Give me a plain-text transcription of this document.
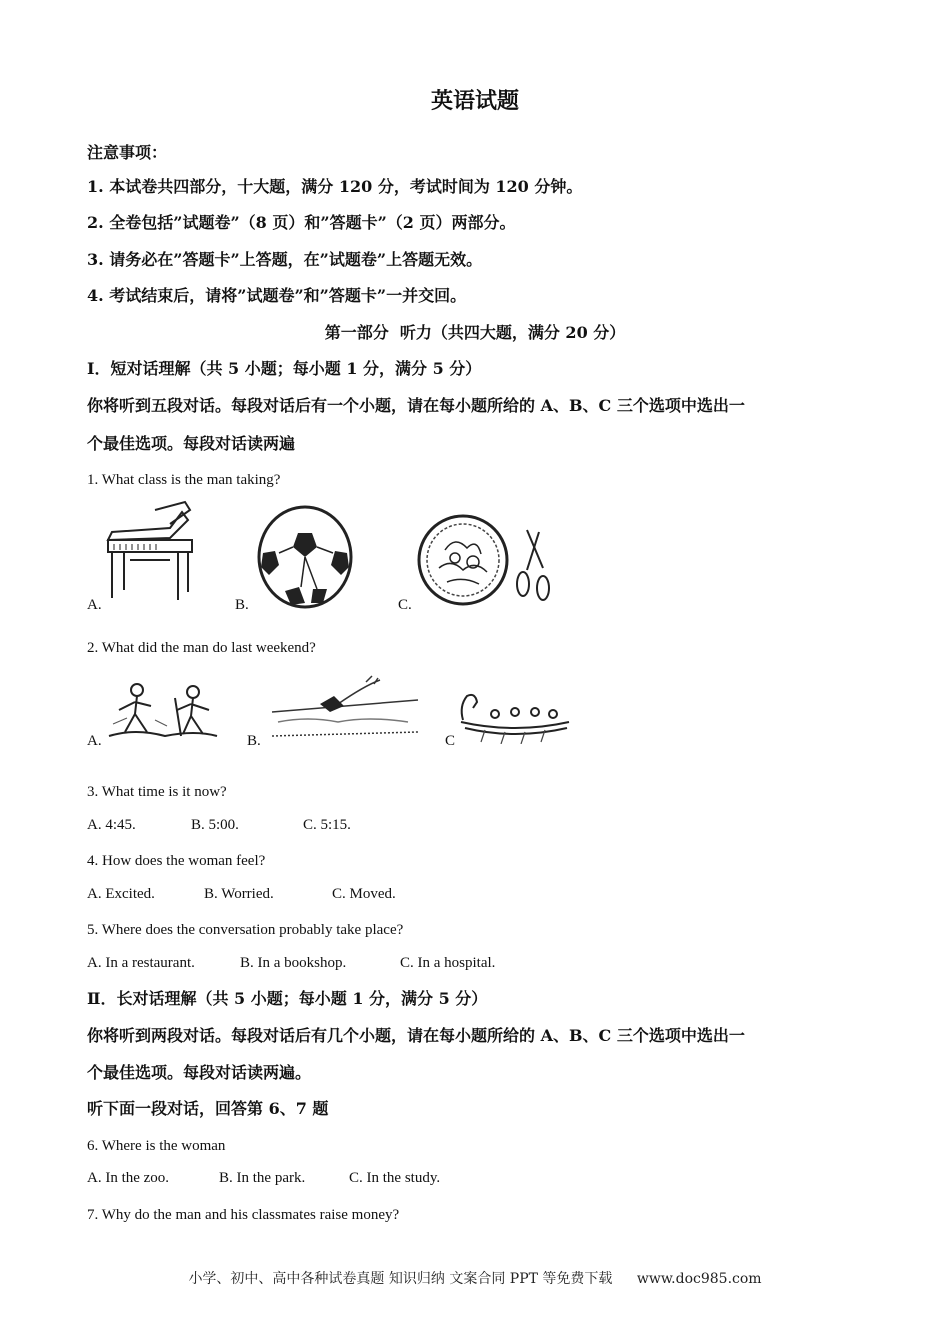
英语试题
注意事项：
1. 本试卷共四部分，十大题，满分 120 分，考试时间为 120 分钟。
2. 全卷包括”试题卷”（8 页）和”答题卡”（2 页）两部分。
3. 请务必在”答题卡”上答题，在”试题卷”上答题无效。
4. 考试结束后，请将”试题卷”和”答题卡”一并交回。
第一部分  听力（共四大题，满分 20 分）
Ⅰ．短对话理解（共 5 小题；每小题 1 分，满分 5 分）
你将听到五段对话。每段对话后有一个小题，请在每小题所给的 A、B、C 三个选项中选出一
个最佳选项。每段对话读两遍
1. What class is the man taking?
A.	B.	C.
2. What did the man do last weekend?
A.	B.	C
3. What time is it now?
A. 4:45.	B. 5:00.	C. 5:15.
4. How does the woman feel?
A. Excited.	B. Worried.	C. Moved.
5. Where does the conversation probably take place?
A. In a restaurant.	B. In a bookshop.	C. In a hospital.
Ⅱ．长对话理解（共 5 小题；每小题 1 分，满分 5 分）
你将听到两段对话。每段对话后有几个小题，请在每小题所给的 A、B、C 三个选项中选出一
个最佳选项。每段对话读两遍。
听下面一段对话，回答第 6、7 题
6. Where is the woman
A. In the zoo.	B. In the park.	C. In the study.
7. Why do the man and his classmates raise money?
小学、初中、高中各种试卷真题 知识归纳 文案合同 PPT 等免费下载 www.doc985.com
